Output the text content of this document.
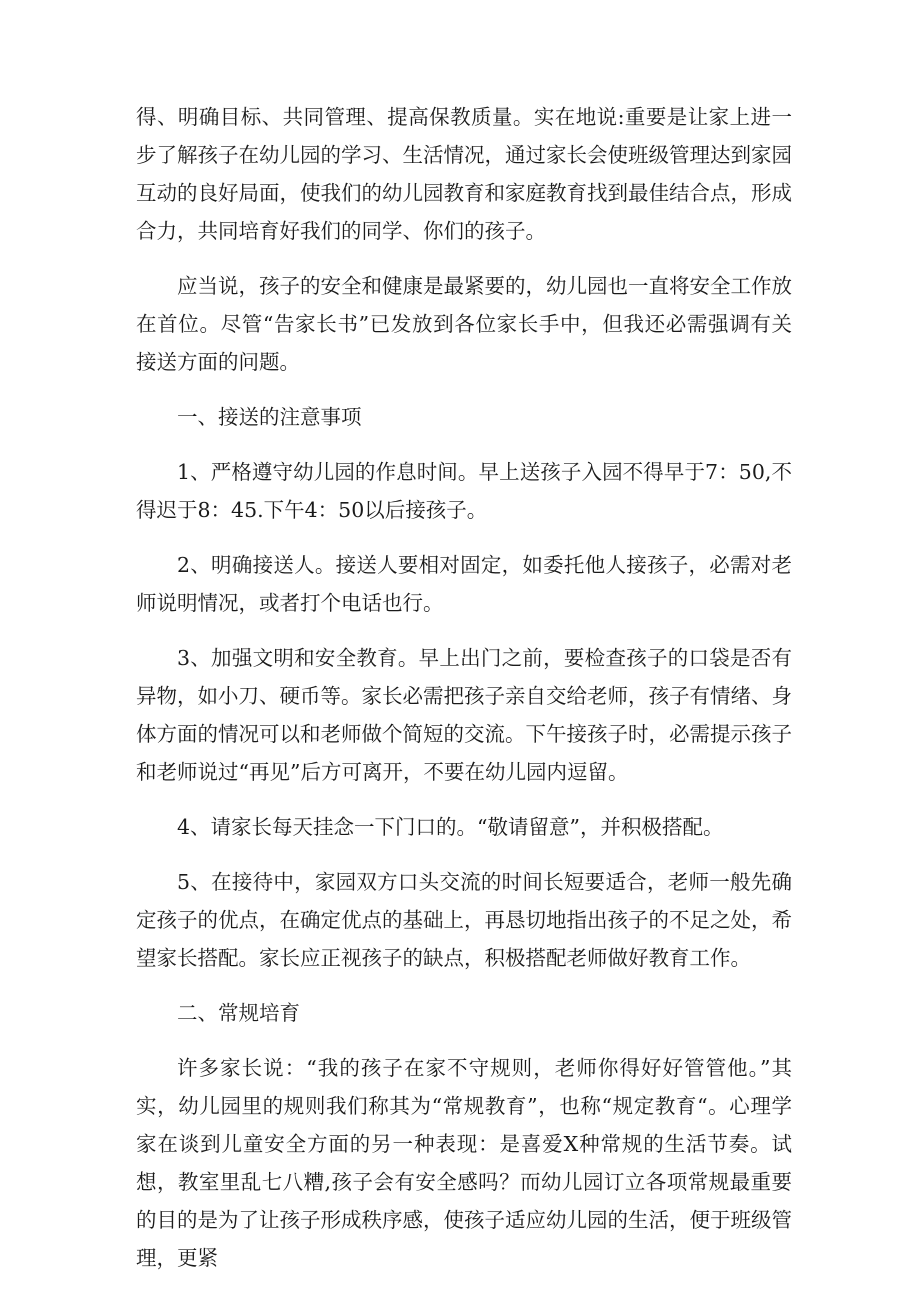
得、明确目标、共同管理、提高保教质量。实在地说:重要是让家上进一步了解孩子在幼儿园的学习、生活情况，通过家长会使班级管理达到家园互动的良好局面，使我们的幼儿园教育和家庭教育找到最佳结合点，形成合力，共同培育好我们的同学、你们的孩子。

应当说，孩子的安全和健康是最紧要的，幼儿园也一直将安全工作放在首位。尽管“告家长书”已发放到各位家长手中，但我还必需强调有关接送方面的问题。

一、接送的注意事项

1、严格遵守幼儿园的作息时间。早上送孩子入园不得早于7：50,不得迟于8：45.下午4：50以后接孩子。

2、明确接送人。接送人要相对固定，如委托他人接孩子，必需对老师说明情况，或者打个电话也行。

3、加强文明和安全教育。早上出门之前，要检查孩子的口袋是否有异物，如小刀、硬币等。家长必需把孩子亲自交给老师，孩子有情绪、身体方面的情况可以和老师做个简短的交流。下午接孩子时，必需提示孩子和老师说过“再见”后方可离开，不要在幼儿园内逗留。

4、请家长每天挂念一下门口的。“敬请留意”，并积极搭配。

5、在接待中，家园双方口头交流的时间长短要适合，老师一般先确定孩子的优点，在确定优点的基础上，再恳切地指出孩子的不足之处，希望家长搭配。家长应正视孩子的缺点，积极搭配老师做好教育工作。

二、常规培育

许多家长说：“我的孩子在家不守规则，老师你得好好管管他。”其实，幼儿园里的规则我们称其为“常规教育”，也称“规定教育“。心理学家在谈到儿童安全方面的另一种表现：是喜爱X种常规的生活节奏。试想，教室里乱七八糟,孩子会有安全感吗？而幼儿园订立各项常规最重要的目的是为了让孩子形成秩序感，使孩子适应幼儿园的生活，便于班级管理，更紧
